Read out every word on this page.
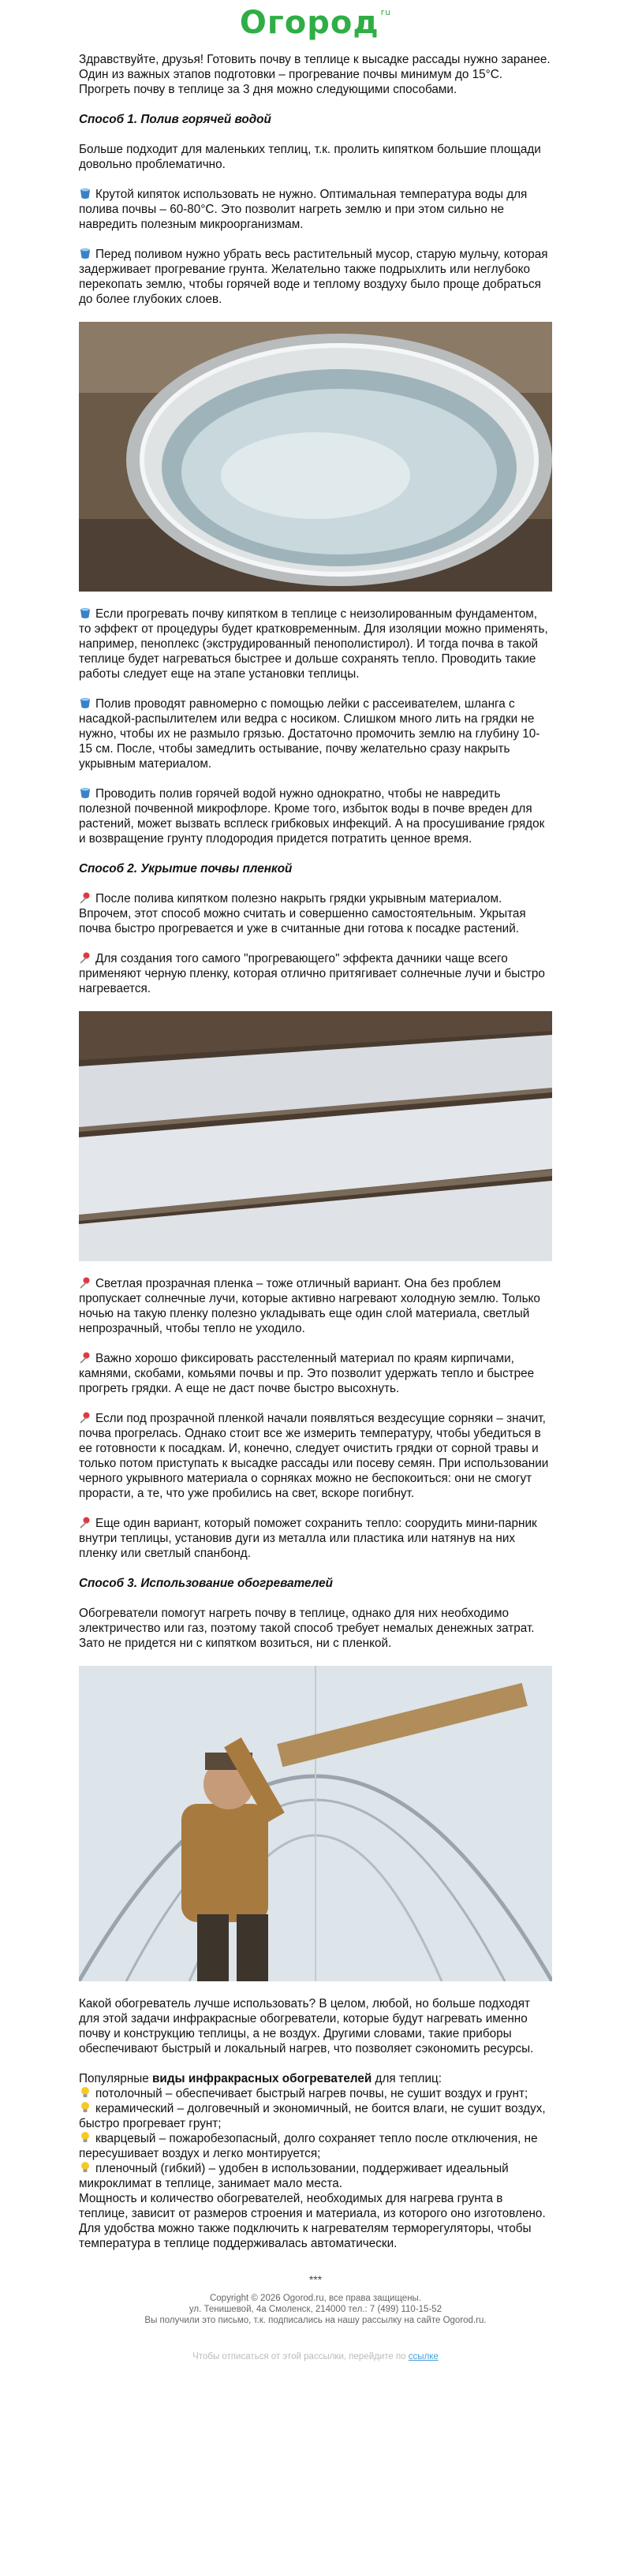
Огород ru

Здравствуйте, друзья! Готовить почву в теплице к высадке рассады нужно заранее. Один из важных этапов подготовки – прогревание почвы минимум до 15°С. Прогреть почву в теплице за 3 дня можно следующими способами.

Способ 1. Полив горячей водой

Больше подходит для маленьких теплиц, т.к. пролить кипятком большие площади довольно проблематично.

Крутой кипяток использовать не нужно. Оптимальная температура воды для полива почвы – 60-80°С. Это позволит нагреть землю и при этом сильно не навредить полезным микроорганизмам.

Перед поливом нужно убрать весь растительный мусор, старую мульчу, которая задерживает прогревание грунта. Желательно также подрыхлить или неглубоко перекопать землю, чтобы горячей воде и теплому воздуху было проще добраться до более глубоких слоев.

Если прогревать почву кипятком в теплице с неизолированным фундаментом, то эффект от процедуры будет кратковременным. Для изоляции можно применять, например, пеноплекс (экструдированный пенополистирол). И тогда почва в такой теплице будет нагреваться быстрее и дольше сохранять тепло. Проводить такие работы следует еще на этапе установки теплицы.

Полив проводят равномерно с помощью лейки с рассеивателем, шланга с насадкой-распылителем или ведра с носиком. Слишком много лить на грядки не нужно, чтобы их не размыло грязью. Достаточно промочить землю на глубину 10-15 см. После, чтобы замедлить остывание, почву желательно сразу накрыть укрывным материалом.

Проводить полив горячей водой нужно однократно, чтобы не навредить полезной почвенной микрофлоре. Кроме того, избыток воды в почве вреден для растений, может вызвать всплеск грибковых инфекций. А на просушивание грядок и возвращение грунту плодородия придется потратить ценное время.

Способ 2. Укрытие почвы пленкой

После полива кипятком полезно накрыть грядки укрывным материалом. Впрочем, этот способ можно считать и совершенно самостоятельным. Укрытая почва быстро прогревается и уже в считанные дни готова к посадке растений.

Для создания того самого "прогревающего" эффекта дачники чаще всего применяют черную пленку, которая отлично притягивает солнечные лучи и быстро нагревается.

Светлая прозрачная пленка – тоже отличный вариант. Она без проблем пропускает солнечные лучи, которые активно нагревают холодную землю. Только ночью на такую пленку полезно укладывать еще один слой материала, светлый непрозрачный, чтобы тепло не уходило.

Важно хорошо фиксировать расстеленный материал по краям кирпичами, камнями, скобами, комьями почвы и пр. Это позволит удержать тепло и быстрее прогреть грядки. А еще не даст почве быстро высохнуть.

Если под прозрачной пленкой начали появляться вездесущие сорняки – значит, почва прогрелась. Однако стоит все же измерить температуру, чтобы убедиться в ее готовности к посадкам. И, конечно, следует очистить грядки от сорной травы и только потом приступать к высадке рассады или посеву семян. При использовании черного укрывного материала о сорняках можно не беспокоиться: они не смогут прорасти, а те, что уже пробились на свет, вскоре погибнут.

Еще один вариант, который поможет сохранить тепло: соорудить мини-парник внутри теплицы, установив дуги из металла или пластика или натянув на них пленку или светлый спанбонд.

Способ 3. Использование обогревателей

Обогреватели помогут нагреть почву в теплице, однако для них необходимо электричество или газ, поэтому такой способ требует немалых денежных затрат. Зато не придется ни с кипятком возиться, ни с пленкой.

Какой обогреватель лучше использовать? В целом, любой, но больше подходят для этой задачи инфракрасные обогреватели, которые будут нагревать именно почву и конструкцию теплицы, а не воздух. Другими словами, такие приборы обеспечивают быстрый и локальный нагрев, что позволяет сэкономить ресурсы.

Популярные виды инфракрасных обогревателей для теплиц:
потолочный – обеспечивает быстрый нагрев почвы, не сушит воздух и грунт;
керамический – долговечный и экономичный, не боится влаги, не сушит воздух, быстро прогревает грунт;
кварцевый – пожаробезопасный, долго сохраняет тепло после отключения, не пересушивает воздух и легко монтируется;
пленочный (гибкий) – удобен в использовании, поддерживает идеальный микроклимат в теплице, занимает мало места.

Мощность и количество обогревателей, необходимых для нагрева грунта в теплице, зависит от размеров строения и материала, из которого оно изготовлено. Для удобства можно также подключить к нагревателям терморегуляторы, чтобы температура в теплице поддерживалась автоматически.

***
Copyright © 2026 Ogorod.ru, все права защищены.
ул. Тенишевой, 4а Смоленск, 214000 тел.: 7 (499) 110-15-52
Вы получили это письмо, т.к. подписались на нашу рассылку на сайте Ogorod.ru.
Чтобы отписаться от этой рассылки, перейдите по ссылке
